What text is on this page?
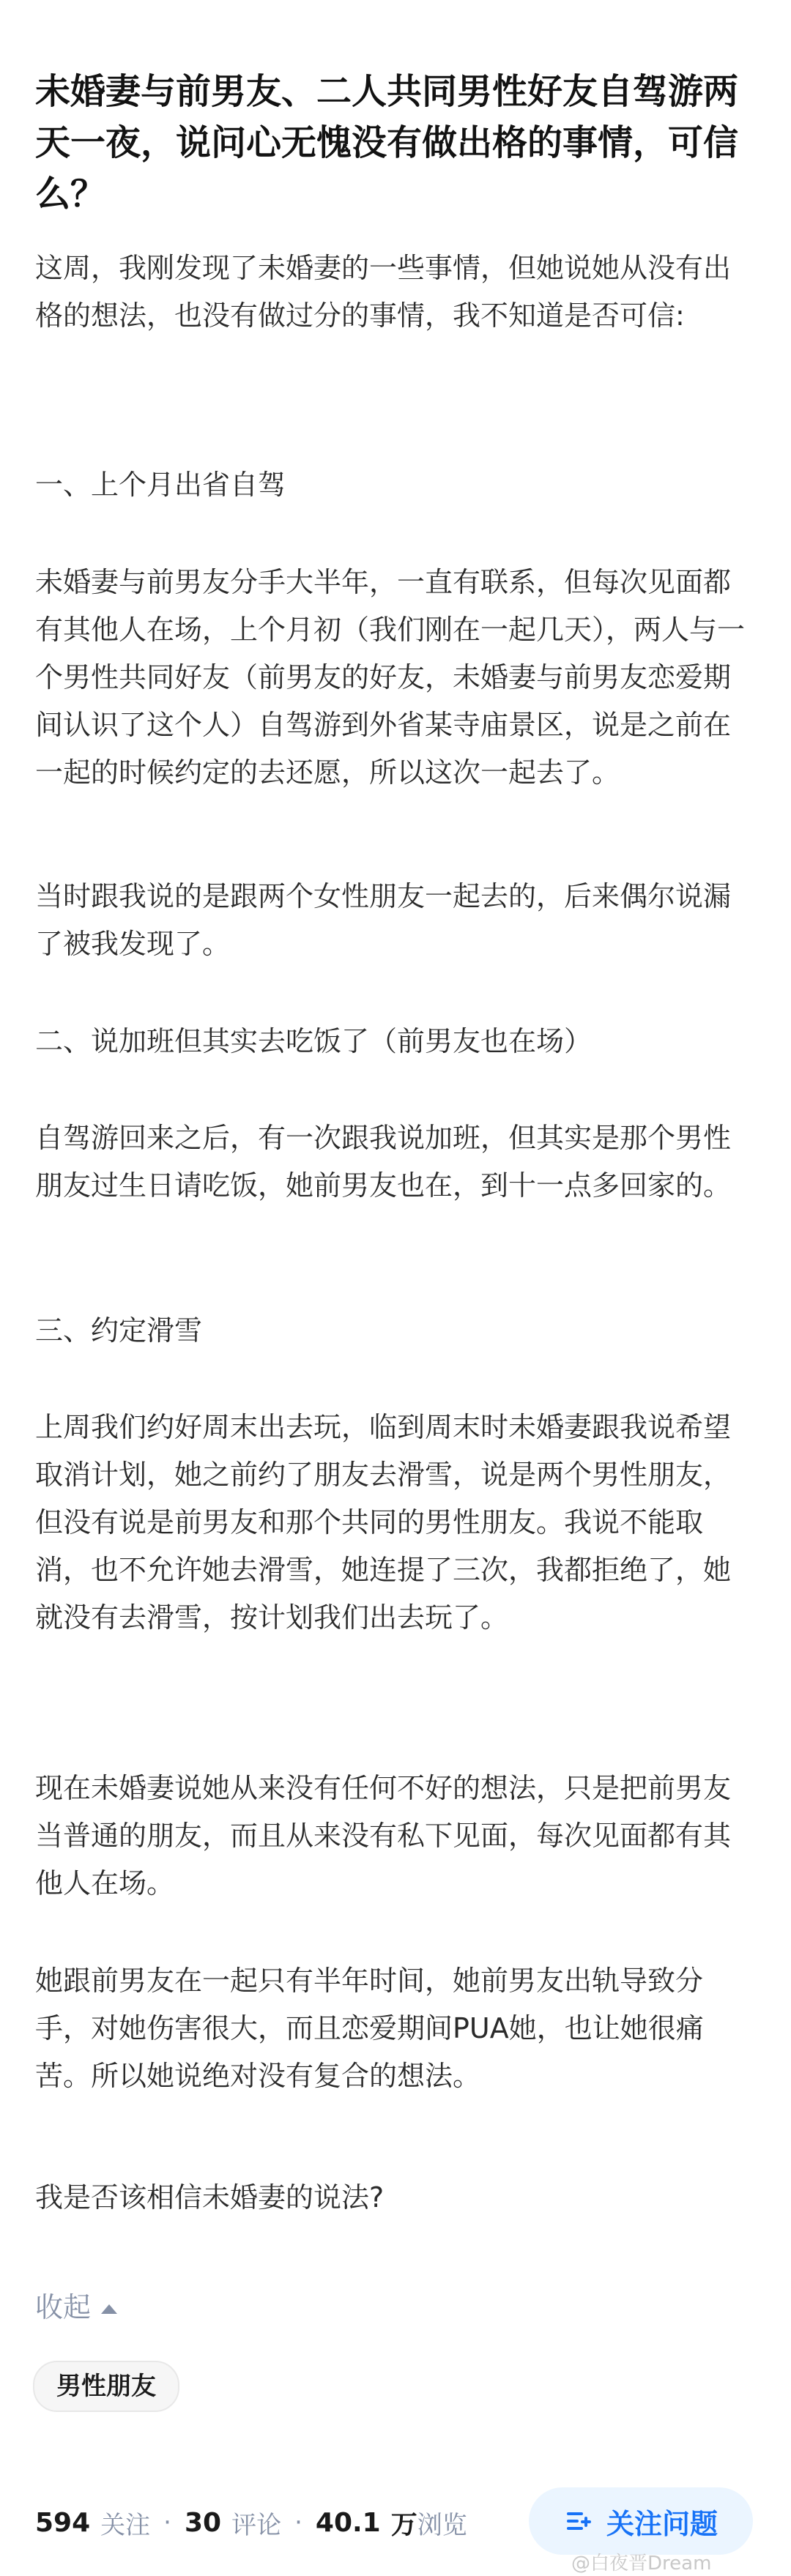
未婚妻与前男友、二人共同男性好友自驾游两天一夜，说问心无愧没有做出格的事情，可信么？

这周，我刚发现了未婚妻的一些事情，但她说她从没有出格的想法，也没有做过分的事情，我不知道是否可信:

一、上个月出省自驾

未婚妻与前男友分手大半年，一直有联系，但每次见面都有其他人在场，上个月初（我们刚在一起几天），两人与一个男性共同好友（前男友的好友，未婚妻与前男友恋爱期间认识了这个人）自驾游到外省某寺庙景区，说是之前在一起的时候约定的去还愿，所以这次一起去了。

当时跟我说的是跟两个女性朋友一起去的，后来偶尔说漏了被我发现了。

二、说加班但其实去吃饭了（前男友也在场）

自驾游回来之后，有一次跟我说加班，但其实是那个男性朋友过生日请吃饭，她前男友也在，到十一点多回家的。

三、约定滑雪

上周我们约好周末出去玩，临到周末时未婚妻跟我说希望取消计划，她之前约了朋友去滑雪，说是两个男性朋友，但没有说是前男友和那个共同的男性朋友。我说不能取消，也不允许她去滑雪，她连提了三次，我都拒绝了，她就没有去滑雪，按计划我们出去玩了。

现在未婚妻说她从来没有任何不好的想法，只是把前男友当普通的朋友，而且从来没有私下见面，每次见面都有其他人在场。

她跟前男友在一起只有半年时间，她前男友出轨导致分手，对她伤害很大，而且恋爱期间PUA她，也让她很痛苦。所以她说绝对没有复合的想法。

我是否该相信未婚妻的说法?

收起
男性朋友
594 关注 · 30 评论 · 40.1 万 浏览	关注问题
@白夜晋Dream
